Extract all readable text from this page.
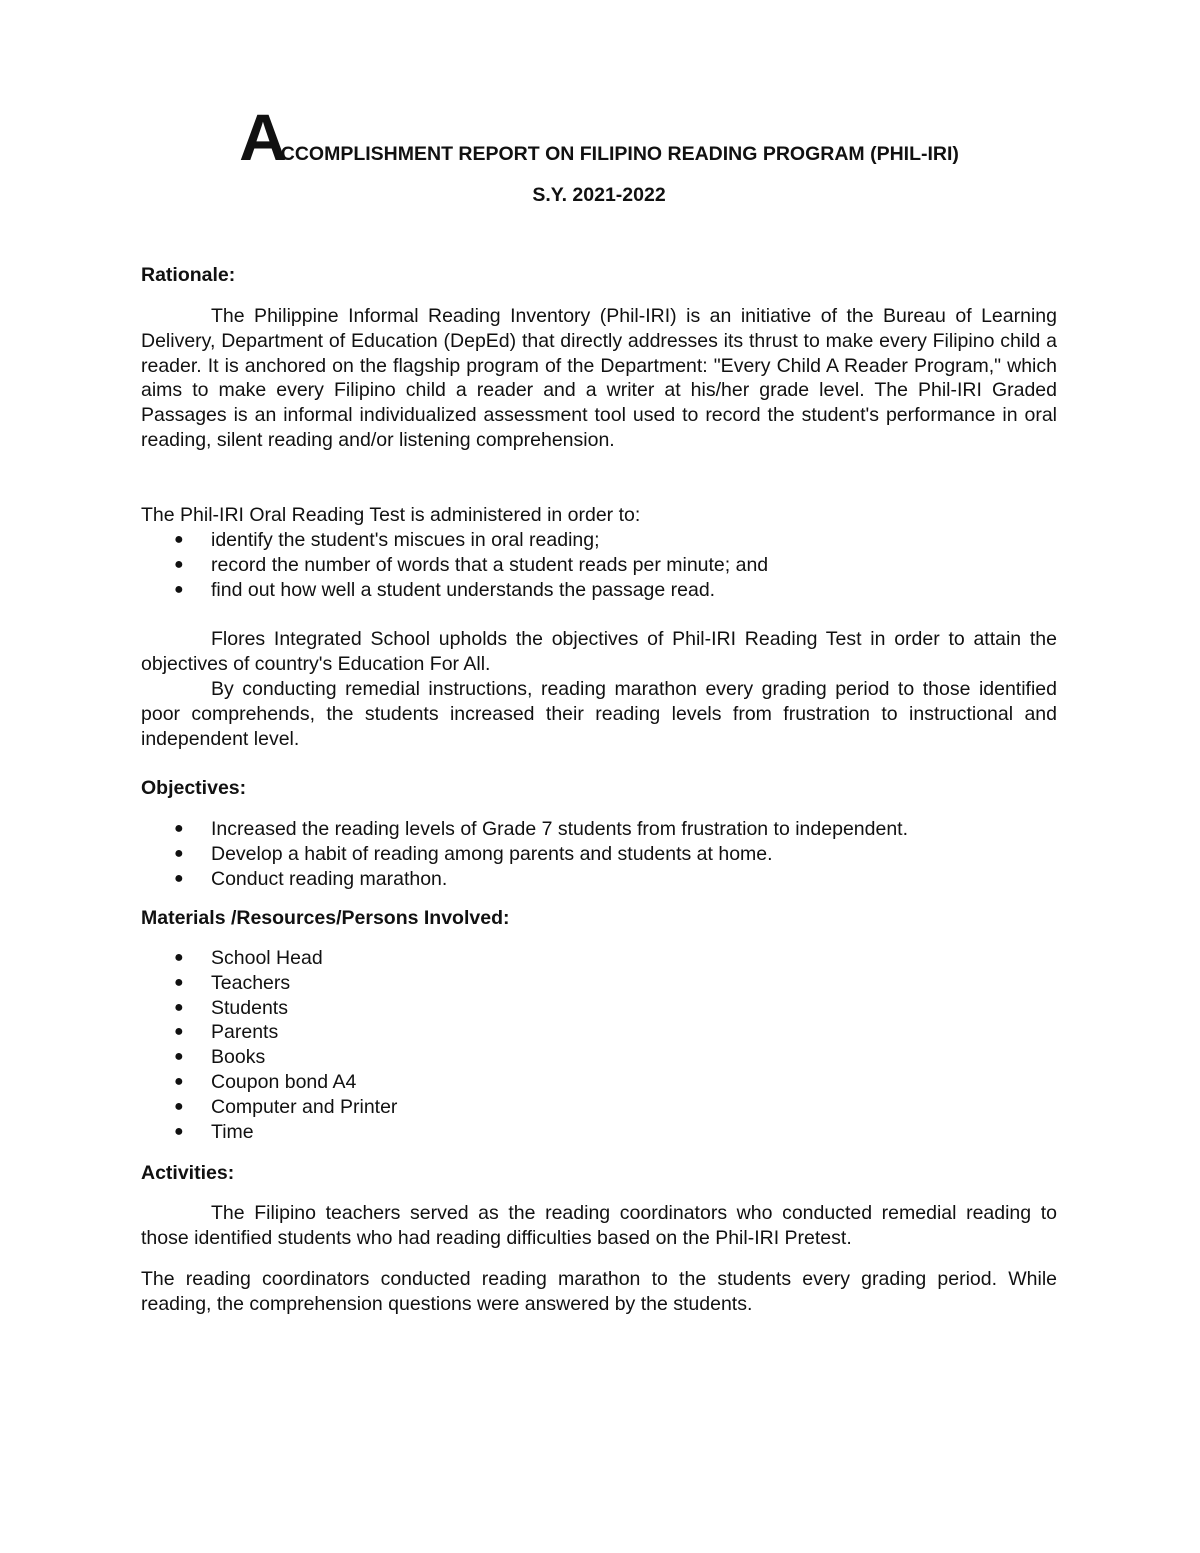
ACCOMPLISHMENT REPORT ON FILIPINO READING PROGRAM (PHIL-IRI)
S.Y. 2021-2022
Rationale:

The Philippine Informal Reading Inventory (Phil-IRI) is an initiative of the Bureau of Learning Delivery, Department of Education (DepEd) that directly addresses its thrust to make every Filipino child a reader. It is anchored on the flagship program of the Department: "Every Child A Reader Program," which aims to make every Filipino child a reader and a writer at his/her grade level. The Phil-IRI Graded Passages is an informal individualized assessment tool used to record the student's performance in oral reading, silent reading and/or listening comprehension.

The Phil-IRI Oral Reading Test is administered in order to:
● identify the student's miscues in oral reading;
● record the number of words that a student reads per minute; and
● find out how well a student understands the passage read.

Flores Integrated School upholds the objectives of Phil-IRI Reading Test in order to attain the objectives of country's Education For All.

By conducting remedial instructions, reading marathon every grading period to those identified poor comprehends, the students increased their reading levels from frustration to instructional and independent level.

Objectives:
● Increased the reading levels of Grade 7 students from frustration to independent.
● Develop a habit of reading among parents and students at home.
● Conduct reading marathon.
Materials /Resources/Persons Involved:
● School Head
● Teachers
● Students
● Parents
● Books
● Coupon bond A4
● Computer and Printer
● Time
Activities:

The Filipino teachers served as the reading coordinators who conducted remedial reading to those identified students who had reading difficulties based on the Phil-IRI Pretest.

The reading coordinators conducted reading marathon to the students every grading period. While reading, the comprehension questions were answered by the students.
